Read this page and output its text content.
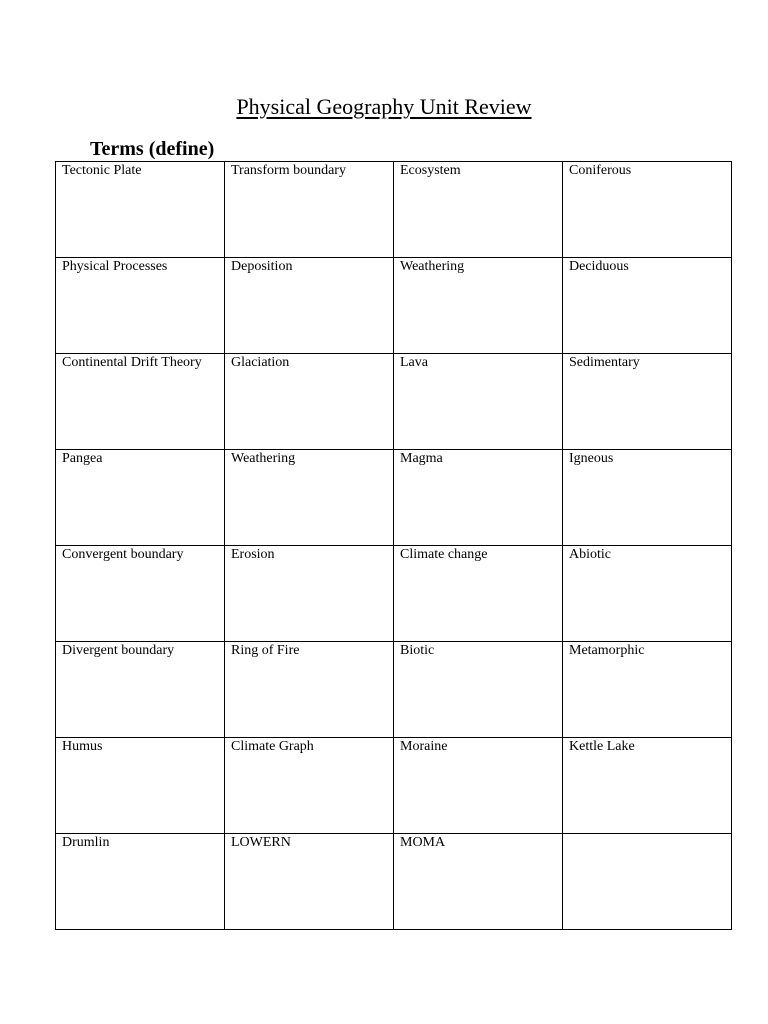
Physical Geography Unit Review
Terms (define)
Tectonic Plate	Transform boundary	Ecosystem	Coniferous

Physical Processes	Deposition	Weathering	Deciduous

Continental Drift Theory	Glaciation	Lava	Sedimentary

Pangea	Weathering	Magma	Igneous

Convergent boundary	Erosion	Climate change	Abiotic

Divergent boundary	Ring of Fire	Biotic	Metamorphic

Humus	Climate Graph	Moraine	Kettle Lake

Drumlin	LOWERN	MOMA	
